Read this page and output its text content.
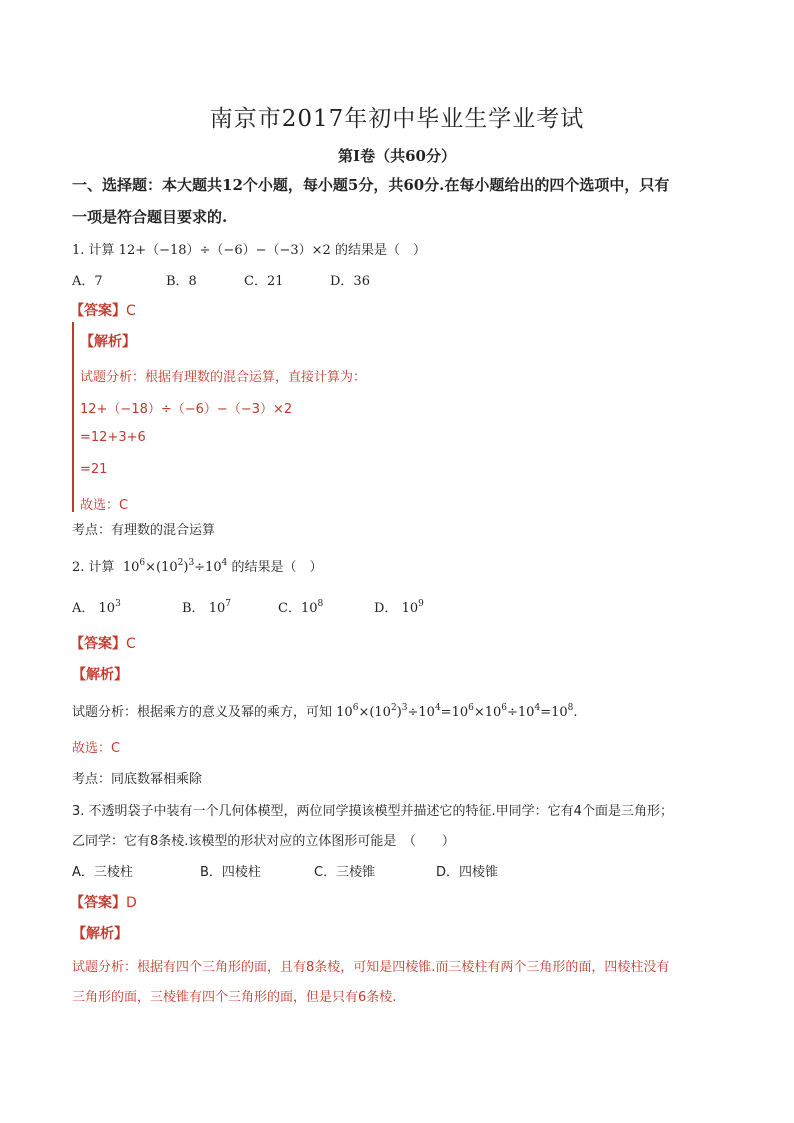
南京市2017年初中毕业生学业考试
第I卷（共60分）
一、选择题：本大题共12个小题，每小题5分，共60分.在每小题给出的四个选项中，只有
一项是符合题目要求的.
1. 计算 12+（−18）÷（−6）−（−3）×2 的结果是（　）
A．7	B．8	C．21	D．36
【答案】C
【解析】
试题分析：根据有理数的混合运算，直接计算为：
12+（−18）÷（−6）−（−3）×2
=12+3+6
=21
故选：C
考点：有理数的混合运算
2. 计算  $10^6\times(10^2)^3\div 10^4$ 的结果是（　）
A． $10^3$	B． $10^7$	C．$10^8$	D． $10^9$
【答案】C
【解析】
试题分析：根据乘方的意义及幂的乘方，可知 $10^6\times(10^2)^3\div 10^4=10^6\times 10^6\div 10^4=10^8$.
故选：C
考点：同底数幂相乘除
3. 不透明袋子中装有一个几何体模型，两位同学摸该模型并描述它的特征.甲同学：它有4个面是三角形；
乙同学：它有8条棱.该模型的形状对应的立体图形可能是　（　　）
A．三棱柱	B．四棱柱	C．三棱锥	D．四棱锥
【答案】D
【解析】
试题分析：根据有四个三角形的面，且有8条棱，可知是四棱锥.而三棱柱有两个三角形的面，四棱柱没有
三角形的面，三棱锥有四个三角形的面，但是只有6条棱.
